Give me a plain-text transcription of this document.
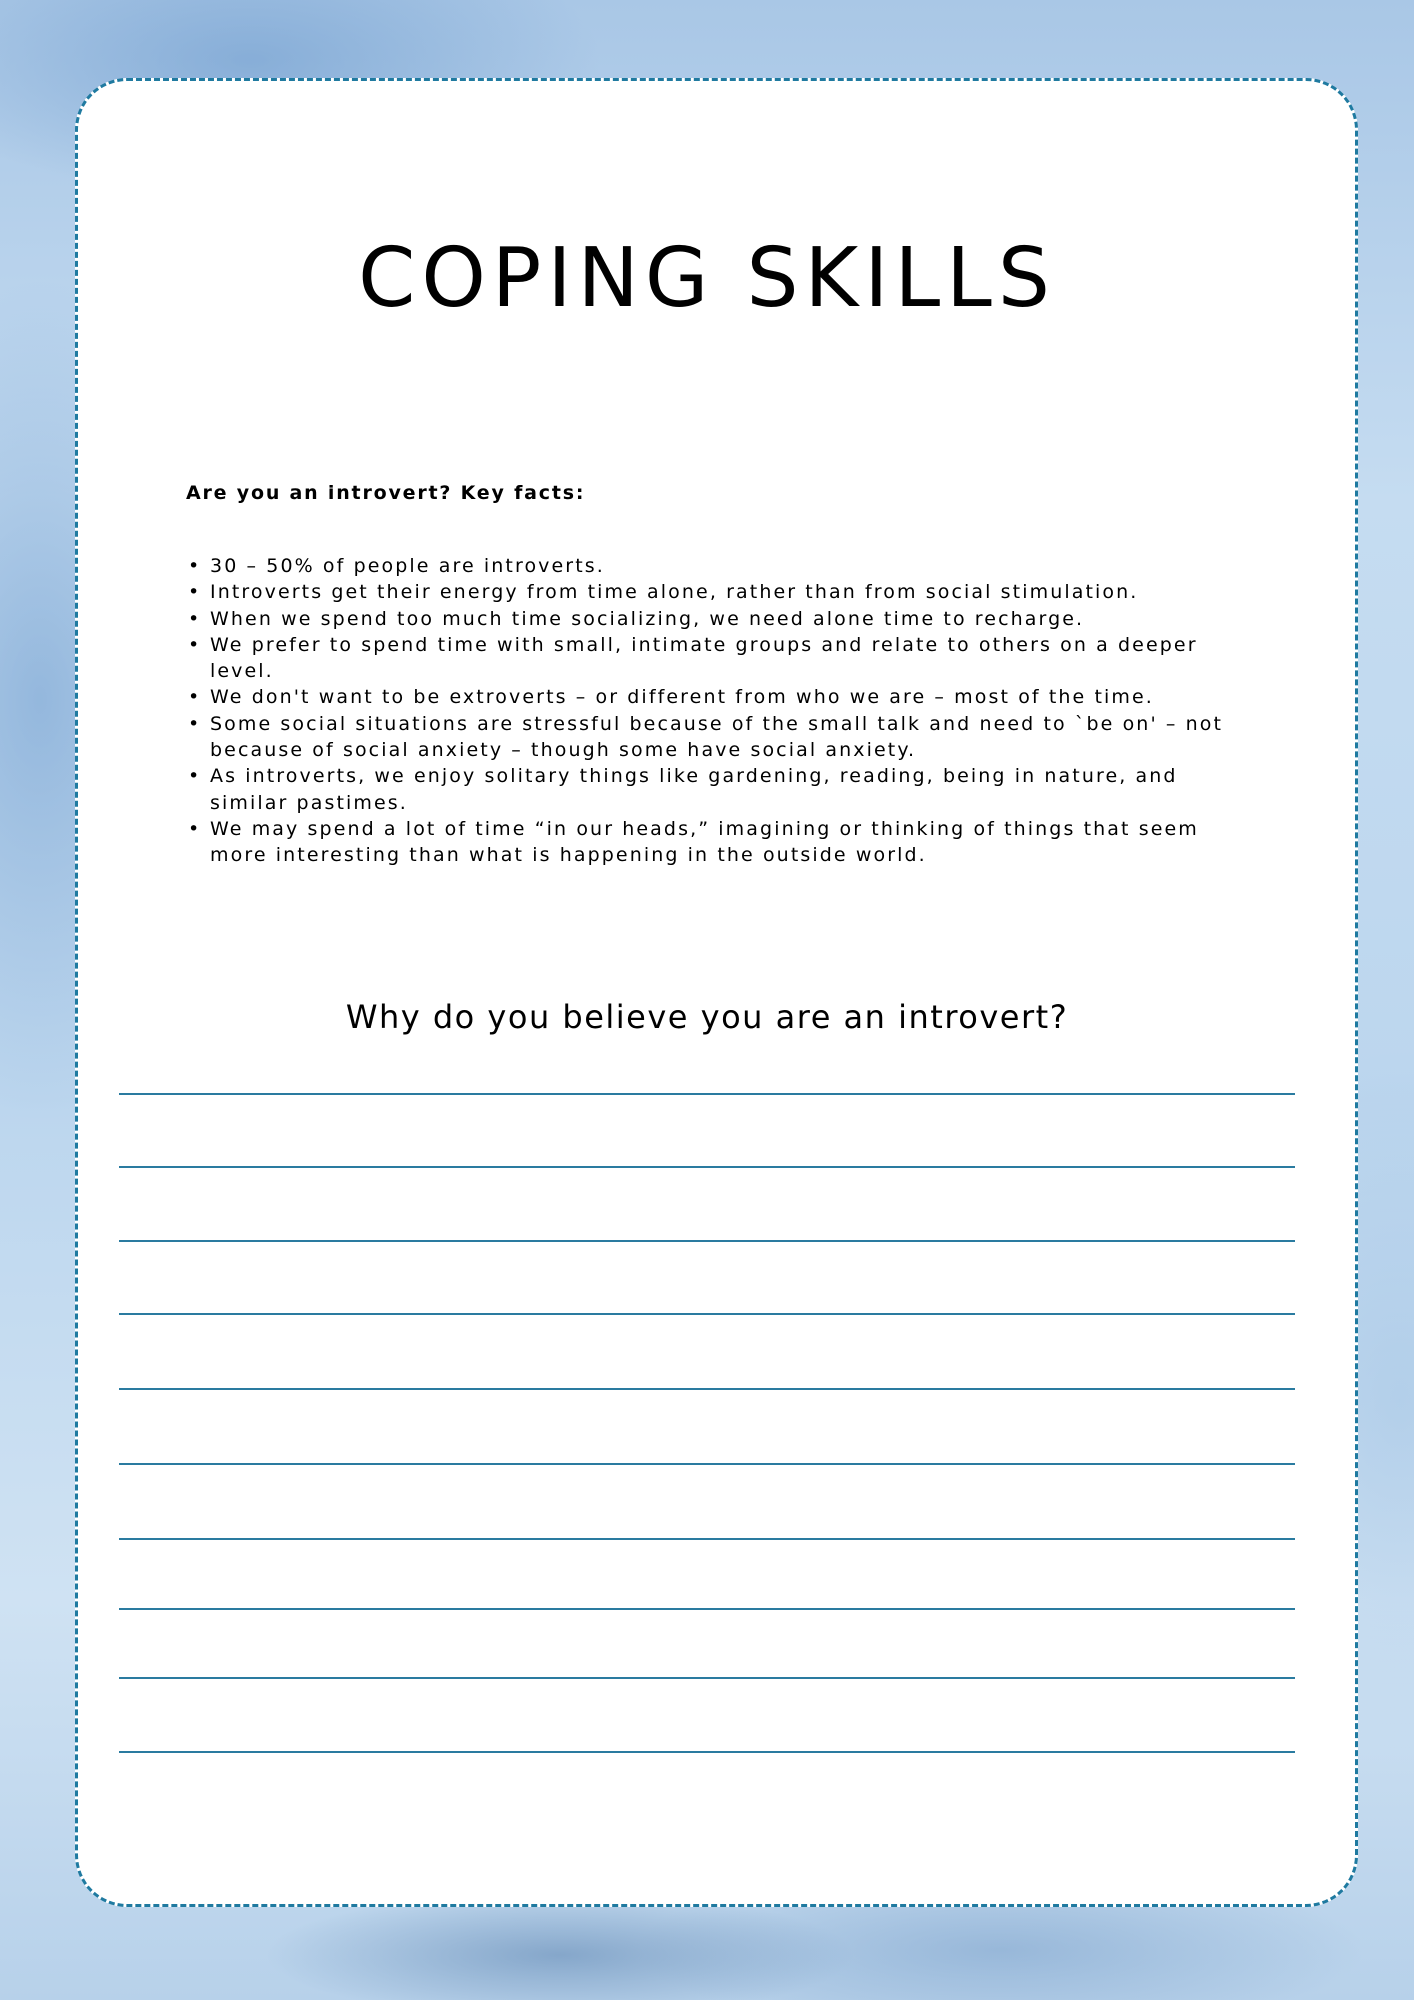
COPING SKILLS
Are you an introvert? Key facts:
• 30 – 50% of people are introverts.
• Introverts get their energy from time alone, rather than from social stimulation.
• When we spend too much time socializing, we need alone time to recharge.
• We prefer to spend time with small, intimate groups and relate to others on a deeper level.
• We don't want to be extroverts – or different from who we are – most of the time.
• Some social situations are stressful because of the small talk and need to `be on' – not because of social anxiety – though some have social anxiety.
• As introverts, we enjoy solitary things like gardening, reading, being in nature, and similar pastimes.
• We may spend a lot of time “in our heads,” imagining or thinking of things that seem more interesting than what is happening in the outside world.
Why do you believe you are an introvert?
